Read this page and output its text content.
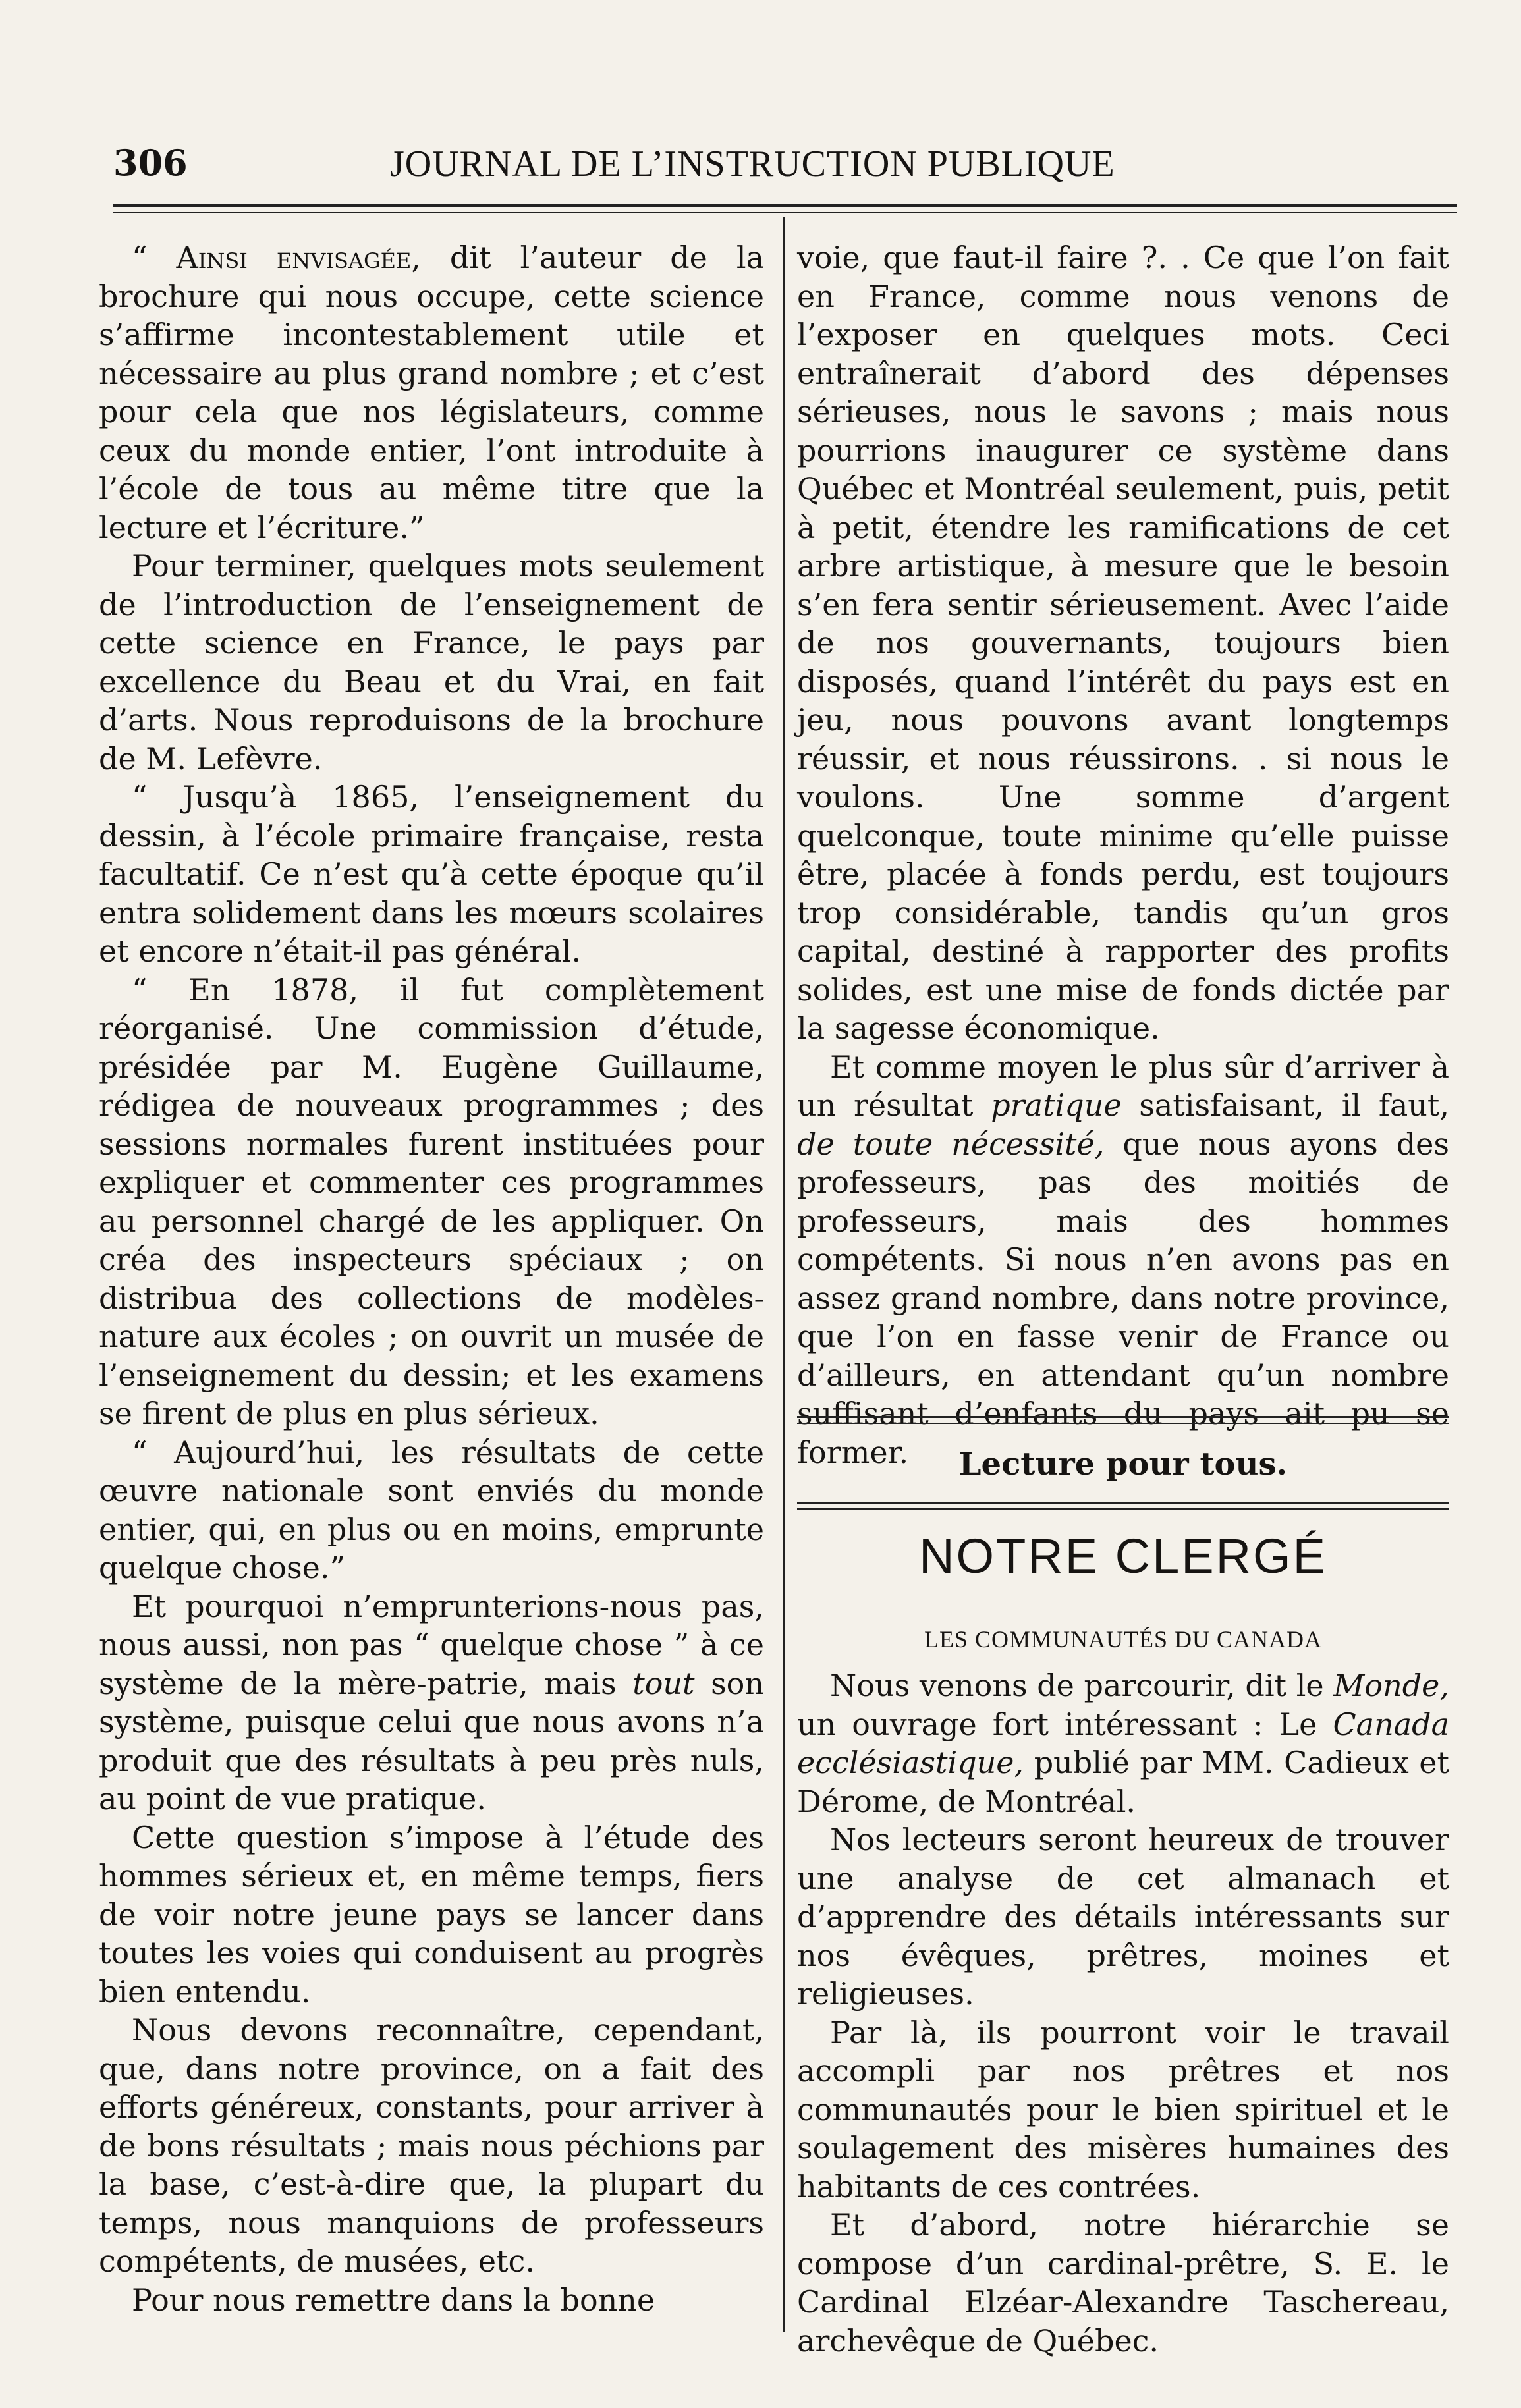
306	JOURNAL DE L’INSTRUCTION PUBLIQUE

“ Ainsi envisagée, dit l’auteur de la brochure qui nous occupe, cette science s’affirme incontestablement utile et nécessaire au plus grand nombre ; et c’est pour cela que nos législateurs, comme ceux du monde entier, l’ont introduite à l’école de tous au même titre que la lecture et l’écriture.”

Pour terminer, quelques mots seulement de l’introduction de l’enseignement de cette science en France, le pays par excellence du Beau et du Vrai, en fait d’arts. Nous reproduisons de la brochure de M. Lefèvre.

“ Jusqu’à 1865, l’enseignement du dessin, à l’école primaire française, resta facultatif. Ce n’est qu’à cette époque qu’il entra solidement dans les mœurs scolaires et encore n’était-il pas général.

“ En 1878, il fut complètement réorganisé. Une commission d’étude, présidée par M. Eugène Guillaume, rédigea de nouveaux programmes ; des sessions normales furent instituées pour expliquer et commenter ces programmes au personnel chargé de les appliquer. On créa des inspecteurs spéciaux ; on distribua des collections de modèles-nature aux écoles ; on ouvrit un musée de l’enseignement du dessin; et les examens se firent de plus en plus sérieux.

“ Aujourd’hui, les résultats de cette œuvre nationale sont enviés du monde entier, qui, en plus ou en moins, emprunte quelque chose.”

Et pourquoi n’emprunterions-nous pas, nous aussi, non pas “ quelque chose ” à ce système de la mère-patrie, mais tout son système, puisque celui que nous avons n’a produit que des résultats à peu près nuls, au point de vue pratique.

Cette question s’impose à l’étude des hommes sérieux et, en même temps, fiers de voir notre jeune pays se lancer dans toutes les voies qui conduisent au progrès bien entendu.

Nous devons reconnaître, cependant, que, dans notre province, on a fait des efforts généreux, constants, pour arriver à de bons résultats ; mais nous péchions par la base, c’est-à-dire que, la plupart du temps, nous manquions de professeurs compétents, de musées, etc.

Pour nous remettre dans la bonne

voie, que faut-il faire ?. . Ce que l’on fait en France, comme nous venons de l’exposer en quelques mots. Ceci entraînerait d’abord des dépenses sérieuses, nous le savons ; mais nous pourrions inaugurer ce système dans Québec et Montréal seulement, puis, petit à petit, étendre les ramifications de cet arbre artistique, à mesure que le besoin s’en fera sentir sérieusement. Avec l’aide de nos gouvernants, toujours bien disposés, quand l’intérêt du pays est en jeu, nous pouvons avant longtemps réussir, et nous réussirons. . si nous le voulons. Une somme d’argent quelconque, toute minime qu’elle puisse être, placée à fonds perdu, est toujours trop considérable, tandis qu’un gros capital, destiné à rapporter des profits solides, est une mise de fonds dictée par la sagesse économique.

Et comme moyen le plus sûr d’arriver à un résultat pratique satisfaisant, il faut, de toute nécessité, que nous ayons des professeurs, pas des moitiés de professeurs, mais des hommes compétents. Si nous n’en avons pas en assez grand nombre, dans notre province, que l’on en fasse venir de France ou d’ailleurs, en attendant qu’un nombre suffisant d’enfants du pays ait pu se former.	Lecture pour tous.
NOTRE CLERGÉ
LES COMMUNAUTÉS DU CANADA

Nous venons de parcourir, dit le Monde, un ouvrage fort intéressant : Le Canada ecclésiastique, publié par MM. Cadieux et Dérome, de Montréal.

Nos lecteurs seront heureux de trouver une analyse de cet almanach et d’apprendre des détails intéressants sur nos évêques, prêtres, moines et religieuses.

Par là, ils pourront voir le travail accompli par nos prêtres et nos communautés pour le bien spirituel et le soulagement des misères humaines des habitants de ces contrées.

Et d’abord, notre hiérarchie se compose d’un cardinal-prêtre, S. E. le Cardinal Elzéar-Alexandre Taschereau, archevêque de Québec.
